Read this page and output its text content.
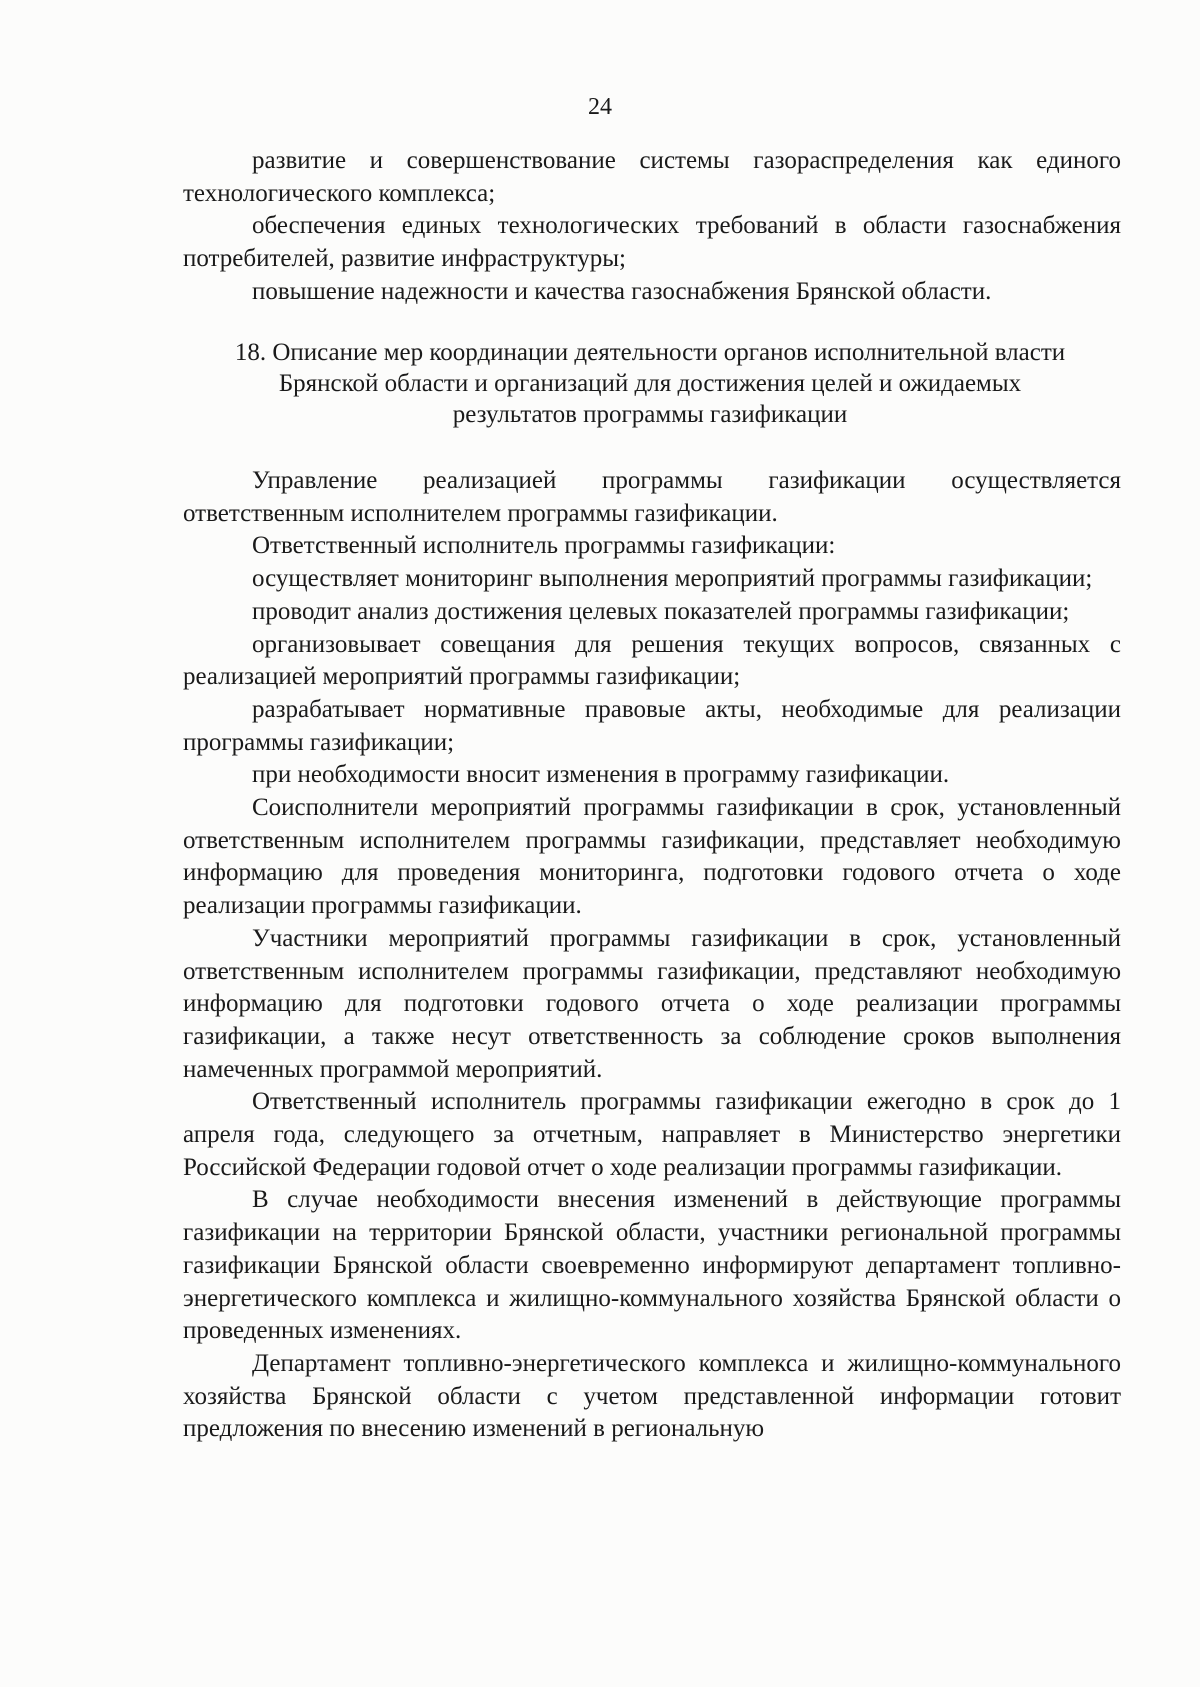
24

развитие и совершенствование системы газораспределения как единого технологического комплекса;

обеспечения единых технологических требований в области газоснабжения потребителей, развитие инфраструктуры;

повышение надежности и качества газоснабжения Брянской области.

18. Описание мер координации деятельности органов исполнительной власти
Брянской области и организаций для достижения целей и ожидаемых
результатов программы газификации

Управление реализацией программы газификации осуществляется ответственным исполнителем программы газификации.

Ответственный исполнитель программы газификации:

осуществляет мониторинг выполнения мероприятий программы газификации;

проводит анализ достижения целевых показателей программы газификации;

организовывает совещания для решения текущих вопросов, связанных с реализацией мероприятий программы газификации;

разрабатывает нормативные правовые акты, необходимые для реализации программы газификации;

при необходимости вносит изменения в программу газификации.

Соисполнители мероприятий программы газификации в срок, установленный ответственным исполнителем программы газификации, представляет необходимую информацию для проведения мониторинга, подготовки годового отчета о ходе реализации программы газификации.

Участники мероприятий программы газификации в срок, установленный ответственным исполнителем программы газификации, представляют необходимую информацию для подготовки годового отчета о ходе реализации программы газификации, а также несут ответственность за соблюдение сроков выполнения намеченных программой мероприятий.

Ответственный исполнитель программы газификации ежегодно в срок до 1 апреля года, следующего за отчетным, направляет в Министерство энергетики Российской Федерации годовой отчет о ходе реализации программы газификации.

В случае необходимости внесения изменений в действующие программы газификации на территории Брянской области, участники региональной программы газификации Брянской области своевременно информируют департамент топливно-энергетического комплекса и жилищно-коммунального хозяйства Брянской области о проведенных изменениях.

Департамент топливно-энергетического комплекса и жилищно-коммунального хозяйства Брянской области с учетом представленной информации готовит предложения по внесению изменений в региональную
